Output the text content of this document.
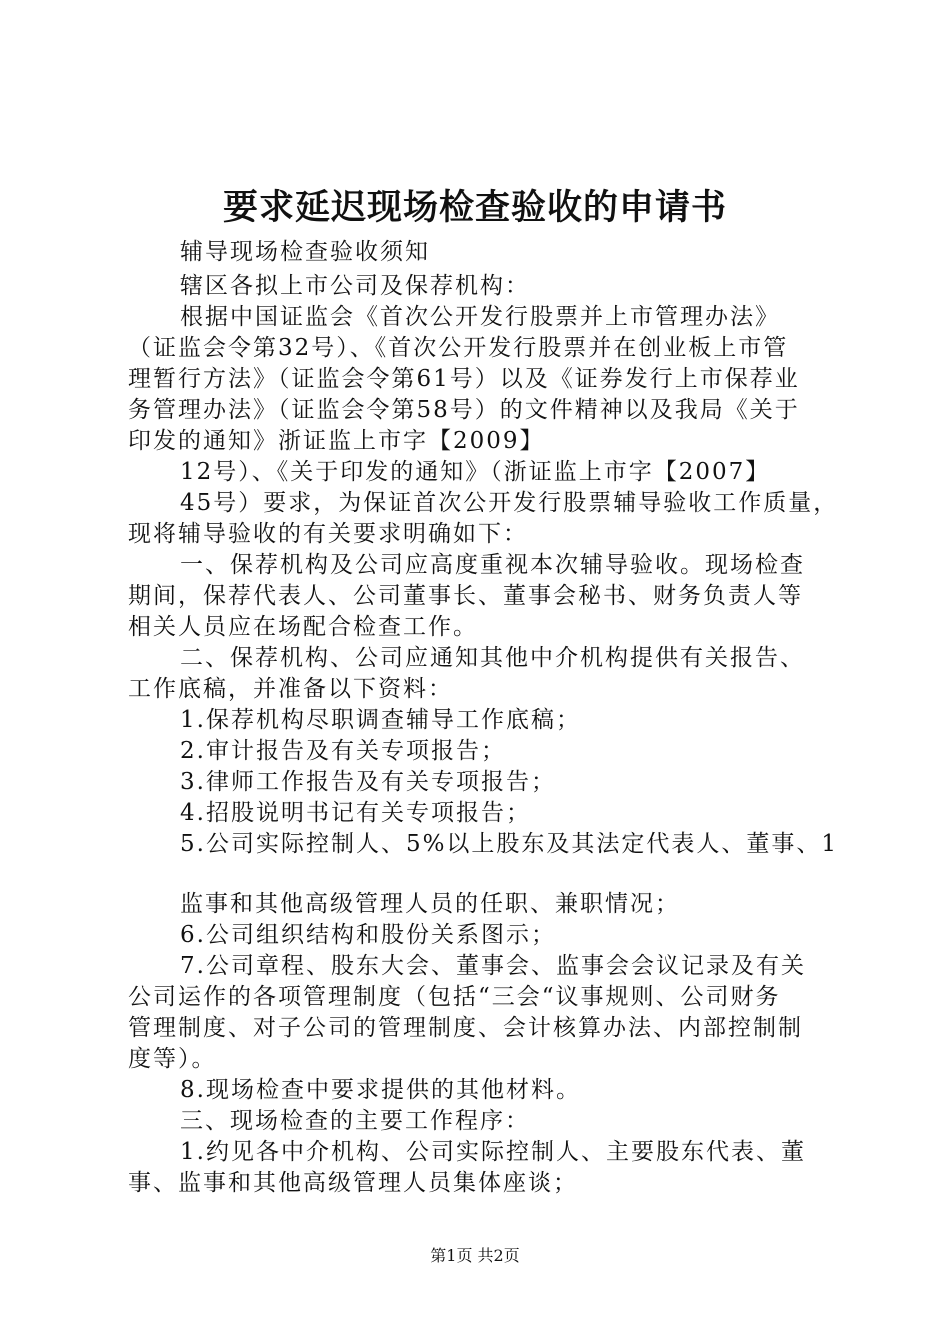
要求延迟现场检查验收的申请书
辅导现场检查验收须知
辖区各拟上市公司及保荐机构：
根据中国证监会《首次公开发行股票并上市管理办法》
（证监会令第32号）、《首次公开发行股票并在创业板上市管
理暂行方法》（证监会令第61号）以及《证券发行上市保荐业
务管理办法》（证监会令第58号）的文件精神以及我局《关于
印发的通知》浙证监上市字【2009】
12号）、《关于印发的通知》（浙证监上市字【2007】
45号）要求，为保证首次公开发行股票辅导验收工作质量，
现将辅导验收的有关要求明确如下：
一、保荐机构及公司应高度重视本次辅导验收。现场检查
期间，保荐代表人、公司董事长、董事会秘书、财务负责人等
相关人员应在场配合检查工作。
二、保荐机构、公司应通知其他中介机构提供有关报告、
工作底稿，并准备以下资料：
1.保荐机构尽职调查辅导工作底稿；
2.审计报告及有关专项报告；
3.律师工作报告及有关专项报告；
4.招股说明书记有关专项报告；
5.公司实际控制人、5%以上股东及其法定代表人、董事、1
监事和其他高级管理人员的任职、兼职情况；
6.公司组织结构和股份关系图示；
7.公司章程、股东大会、董事会、监事会会议记录及有关
公司运作的各项管理制度（包括“三会“议事规则、公司财务
管理制度、对子公司的管理制度、会计核算办法、内部控制制
度等）。
8.现场检查中要求提供的其他材料。
三、现场检查的主要工作程序：
1.约见各中介机构、公司实际控制人、主要股东代表、董
事、监事和其他高级管理人员集体座谈；
第1页 共2页
